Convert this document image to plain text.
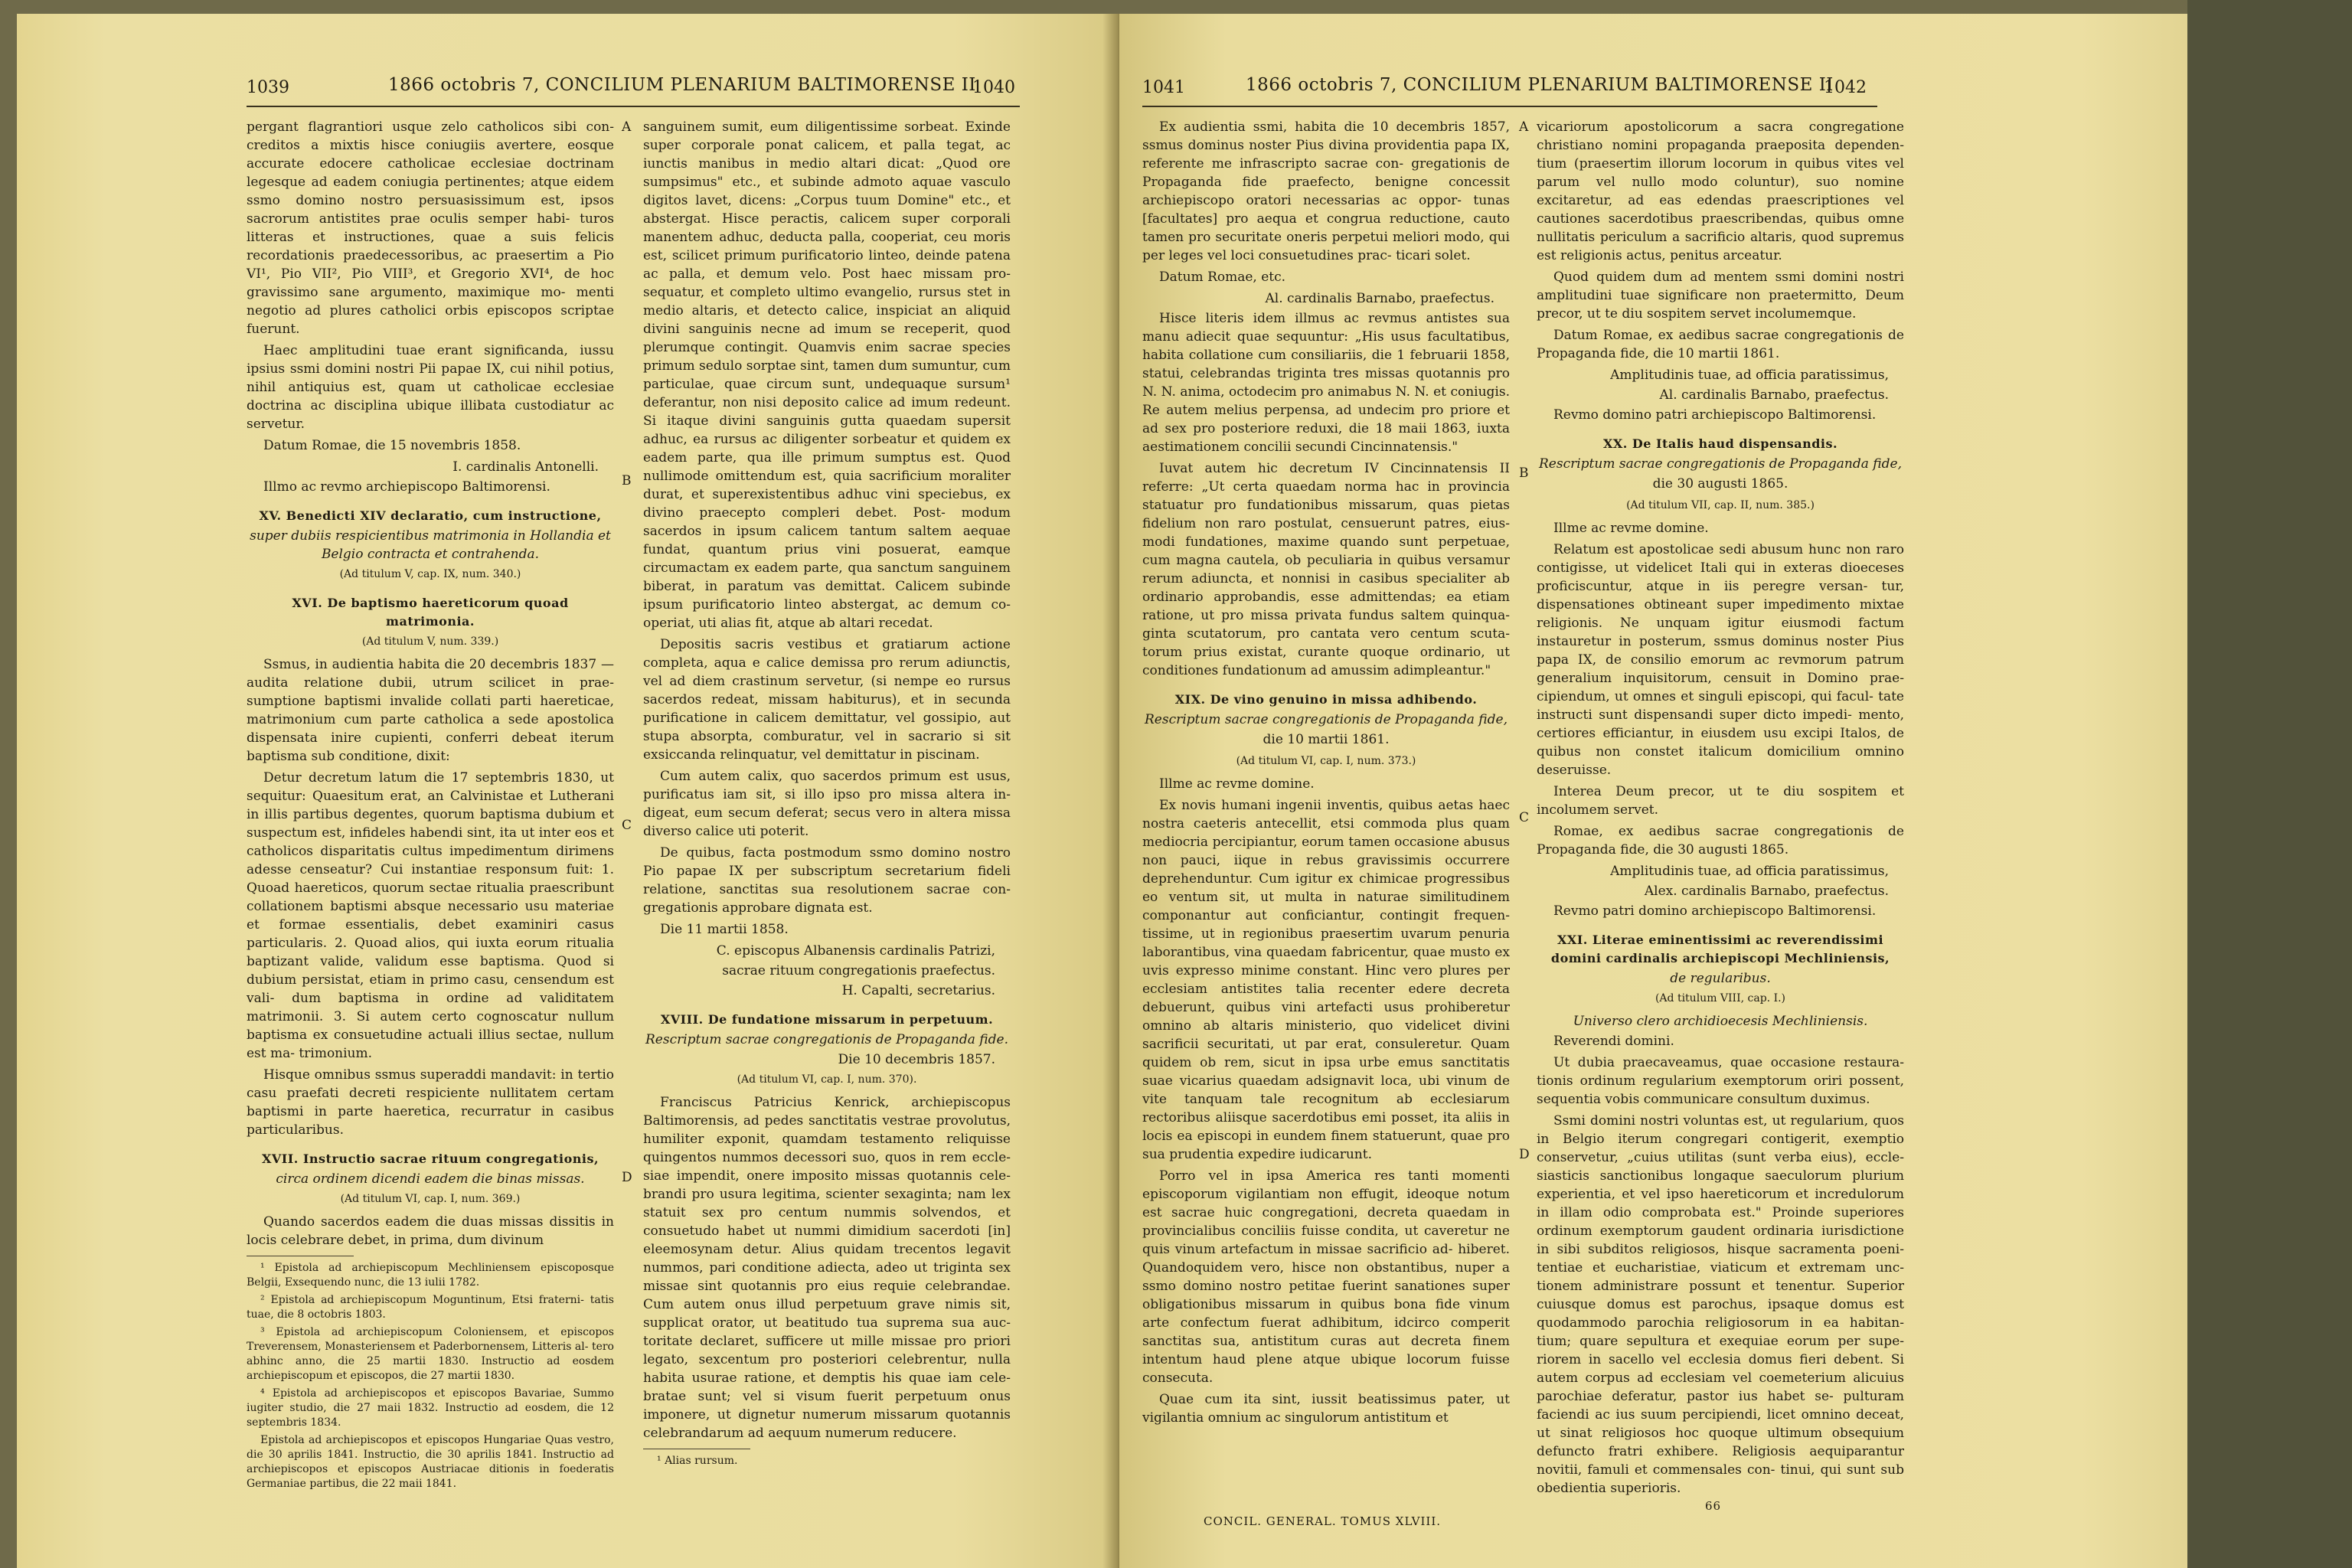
1039	1866 octobris 7, CONCILIUM PLENARIUM BALTIMORENSE II
1040

pergant flagrantiori usque zelo catholicos sibi con- creditos a mixtis hisce coniugiis avertere, eosque accurate edocere catholicae ecclesiae doctrinam legesque ad eadem coniugia pertinentes; atque eidem ssmo domino nostro persuasissimum est, ipsos sacrorum antistites prae oculis semper habi- turos litteras et instructiones, quae a suis felicis recordationis praedecessoribus, ac praesertim a Pio VI¹, Pio VII², Pio VIII³, et Gregorio XVI⁴, de hoc gravissimo sane argumento, maximique mo- menti negotio ad plures catholici orbis episcopos scriptae fuerunt.

Haec amplitudini tuae erant significanda, iussu ipsius ssmi domini nostri Pii papae IX, cui nihil potius, nihil antiquius est, quam ut catholicae ecclesiae doctrina ac disciplina ubique illibata custodiatur ac servetur.

Datum Romae, die 15 novembris 1858.

I. cardinalis Antonelli.

Illmo ac revmo archiepiscopo Baltimorensi.

XV. Benedicti XIV declaratio, cum instructione,

super dubiis respicientibus matrimonia in Hollandia et Belgio contracta et contrahenda.

(Ad titulum V, cap. IX, num. 340.)

XVI. De baptismo haereticorum quoad matrimonia.

(Ad titulum V, num. 339.)

Ssmus, in audientia habita die 20 decembris 1837 — audita relatione dubii, utrum scilicet in prae- sumptione baptismi invalide collati parti haereticae, matrimonium cum parte catholica a sede apostolica dispensata inire cupienti, conferri debeat iterum baptisma sub conditione, dixit:

Detur decretum latum die 17 septembris 1830, ut sequitur: Quaesitum erat, an Calvinistae et Lutherani in illis partibus degentes, quorum baptisma dubium et suspectum est, infideles habendi sint, ita ut inter eos et catholicos disparitatis cultus impedimentum dirimens adesse censeatur? Cui instantiae responsum fuit: 1. Quoad haereticos, quorum sectae ritualia praescribunt collationem baptismi absque necessario usu materiae et formae essentialis, debet examiniri casus particularis. 2. Quoad alios, qui iuxta eorum ritualia baptizant valide, validum esse baptisma. Quod si dubium persistat, etiam in primo casu, censendum est vali- dum baptisma in ordine ad validitatem matrimonii. 3. Si autem certo cognoscatur nullum baptisma ex consuetudine actuali illius sectae, nullum est ma- trimonium.

Hisque omnibus ssmus superaddi mandavit: in tertio casu praefati decreti respiciente nullitatem certam baptismi in parte haeretica, recurratur in casibus particularibus.

XVII. Instructio sacrae rituum congregationis,

circa ordinem dicendi eadem die binas missas.

(Ad titulum VI, cap. I, num. 369.)

Quando sacerdos eadem die duas missas dissitis in locis celebrare debet, in prima, dum divinum

¹ Epistola ad archiepiscopum Mechliniensem episcoposque Belgii, Exsequendo nunc, die 13 iulii 1782.

² Epistola ad archiepiscopum Moguntinum, Etsi fraterni- tatis tuae, die 8 octobris 1803.

³ Epistola ad archiepiscopum Coloniensem, et episcopos Treverensem, Monasteriensem et Paderbornensem, Litteris al- tero abhinc anno, die 25 martii 1830. Instructio ad eosdem archiepiscopum et episcopos, die 27 martii 1830.

⁴ Epistola ad archiepiscopos et episcopos Bavariae, Summo iugiter studio, die 27 maii 1832. Instructio ad eosdem, die 12 septembris 1834.

Epistola ad archiepiscopos et episcopos Hungariae Quas vestro, die 30 aprilis 1841. Instructio, die 30 aprilis 1841. Instructio ad archiepiscopos et episcopos Austriacae ditionis in foederatis Germaniae partibus, die 22 maii 1841.

A
B
C
D

sanguinem sumit, eum diligentissime sorbeat. Exinde super corporale ponat calicem, et palla tegat, ac iunctis manibus in medio altari dicat: „Quod ore sumpsimus" etc., et subinde admoto aquae vasculo digitos lavet, dicens: „Corpus tuum Domine" etc., et abstergat. Hisce peractis, calicem super corporali manentem adhuc, deducta palla, cooperiat, ceu moris est, scilicet primum purificatorio linteo, deinde patena ac palla, et demum velo. Post haec missam pro- sequatur, et completo ultimo evangelio, rursus stet in medio altaris, et detecto calice, inspiciat an aliquid divini sanguinis necne ad imum se receperit, quod plerumque contingit. Quamvis enim sacrae species primum sedulo sorptae sint, tamen dum sumuntur, cum particulae, quae circum sunt, undequaque sursum¹ deferantur, non nisi deposito calice ad imum redeunt. Si itaque divini sanguinis gutta quaedam supersit adhuc, ea rursus ac diligenter sorbeatur et quidem ex eadem parte, qua ille primum sumptus est. Quod nullimode omittendum est, quia sacrificium moraliter durat, et superexistentibus adhuc vini speciebus, ex divino praecepto compleri debet. Post- modum sacerdos in ipsum calicem tantum saltem aequae fundat, quantum prius vini posuerat, eamque circumactam ex eadem parte, qua sanctum sanguinem biberat, in paratum vas demittat. Calicem subinde ipsum purificatorio linteo abstergat, ac demum co- operiat, uti alias fit, atque ab altari recedat.

Depositis sacris vestibus et gratiarum actione completa, aqua e calice demissa pro rerum adiunctis, vel ad diem crastinum servetur, (si nempe eo rursus sacerdos redeat, missam habiturus), et in secunda purificatione in calicem demittatur, vel gossipio, aut stupa absorpta, comburatur, vel in sacrario si sit exsiccanda relinquatur, vel demittatur in piscinam.

Cum autem calix, quo sacerdos primum est usus, purificatus iam sit, si illo ipso pro missa altera in- digeat, eum secum deferat; secus vero in altera missa diverso calice uti poterit.

De quibus, facta postmodum ssmo domino nostro Pio papae IX per subscriptum secretarium fideli relatione, sanctitas sua resolutionem sacrae con- gregationis approbare dignata est.

Die 11 martii 1858.

C. episcopus Albanensis cardinalis Patrizi,

sacrae rituum congregationis praefectus.

H. Capalti, secretarius.

XVIII. De fundatione missarum in perpetuum.

Rescriptum sacrae congregationis de Propaganda fide.

Die 10 decembris 1857.

(Ad titulum VI, cap. I, num. 370).

Franciscus Patricius Kenrick, archiepiscopus Baltimorensis, ad pedes sanctitatis vestrae provolutus, humiliter exponit, quamdam testamento reliquisse quingentos nummos decessori suo, quos in rem eccle- siae impendit, onere imposito missas quotannis cele- brandi pro usura legitima, scienter sexaginta; nam lex statuit sex pro centum nummis solvendos, et consuetudo habet ut nummi dimidium sacerdoti [in] eleemosynam detur. Alius quidam trecentos legavit nummos, pari conditione adiecta, adeo ut triginta sex missae sint quotannis pro eius requie celebrandae. Cum autem onus illud perpetuum grave nimis sit, supplicat orator, ut beatitudo tua suprema sua auc- toritate declaret, sufficere ut mille missae pro priori legato, sexcentum pro posteriori celebrentur, nulla habita usurae ratione, et demptis his quae iam cele- bratae sunt; vel si visum fuerit perpetuum onus imponere, ut dignetur numerum missarum quotannis celebrandarum ad aequum numerum reducere.

¹ Alias rursum.

1041	1866 octobris 7, CONCILIUM PLENARIUM BALTIMORENSE II
1042

Ex audientia ssmi, habita die 10 decembris 1857, ssmus dominus noster Pius divina providentia papa IX, referente me infrascripto sacrae con- gregationis de Propaganda fide praefecto, benigne concessit archiepiscopo oratori necessarias ac oppor- tunas [facultates] pro aequa et congrua reductione, cauto tamen pro securitate oneris perpetui meliori modo, qui per leges vel loci consuetudines prac- ticari solet.

Datum Romae, etc.

Al. cardinalis Barnabo, praefectus.

Hisce literis idem illmus ac revmus antistes sua manu adiecit quae sequuntur: „His usus facultatibus, habita collatione cum consiliariis, die 1 februarii 1858, statui, celebrandas triginta tres missas quotannis pro N. N. anima, octodecim pro animabus N. N. et coniugis. Re autem melius perpensa, ad undecim pro priore et ad sex pro posteriore reduxi, die 18 maii 1863, iuxta aestimationem concilii secundi Cincinnatensis."

Iuvat autem hic decretum IV Cincinnatensis II referre: „Ut certa quaedam norma hac in provincia statuatur pro fundationibus missarum, quas pietas fidelium non raro postulat, censuerunt patres, eius- modi fundationes, maxime quando sunt perpetuae, cum magna cautela, ob peculiaria in quibus versamur rerum adiuncta, et nonnisi in casibus specialiter ab ordinario approbandis, esse admittendas; ea etiam ratione, ut pro missa privata fundus saltem quinqua- ginta scutatorum, pro cantata vero centum scuta- torum prius existat, curante quoque ordinario, ut conditiones fundationum ad amussim adimpleantur."

XIX. De vino genuino in missa adhibendo.

Rescriptum sacrae congregationis de Propaganda fide,

die 10 martii 1861.

(Ad titulum VI, cap. I, num. 373.)

Illme ac revme domine.

Ex novis humani ingenii inventis, quibus aetas haec nostra caeteris antecellit, etsi commoda plus quam mediocria percipiantur, eorum tamen occasione abusus non pauci, iique in rebus gravissimis occurrere deprehenduntur. Cum igitur ex chimicae progressibus eo ventum sit, ut multa in naturae similitudinem componantur aut conficiantur, contingit frequen- tissime, ut in regionibus praesertim uvarum penuria laborantibus, vina quaedam fabricentur, quae musto ex uvis expresso minime constant. Hinc vero plures per ecclesiam antistites talia recenter edere decreta debuerunt, quibus vini artefacti usus prohiberetur omnino ab altaris ministerio, quo videlicet divini sacrificii securitati, ut par erat, consuleretur. Quam quidem ob rem, sicut in ipsa urbe emus sanctitatis suae vicarius quaedam adsignavit loca, ubi vinum de vite tanquam tale recognitum ab ecclesiarum rectoribus aliisque sacerdotibus emi posset, ita aliis in locis ea episcopi in eundem finem statuerunt, quae pro sua prudentia expedire iudicarunt.

Porro vel in ipsa America res tanti momenti episcoporum vigilantiam non effugit, ideoque notum est sacrae huic congregationi, decreta quaedam in provincialibus conciliis fuisse condita, ut caveretur ne quis vinum artefactum in missae sacrificio ad- hiberet. Quandoquidem vero, hisce non obstantibus, nuper a ssmo domino nostro petitae fuerint sanationes super obligationibus missarum in quibus bona fide vinum arte confectum fuerat adhibitum, idcirco comperit sanctitas sua, antistitum curas aut decreta finem intentum haud plene atque ubique locorum fuisse consecuta.

Quae cum ita sint, iussit beatissimus pater, ut vigilantia omnium ac singulorum antistitum et

CONCIL. GENERAL. TOMUS XLVIII.
A
B
C
D

vicariorum apostolicorum a sacra congregatione christiano nomini propaganda praeposita dependen- tium (praesertim illorum locorum in quibus vites vel parum vel nullo modo coluntur), suo nomine excitaretur, ad eas edendas praescriptiones vel cautiones sacerdotibus praescribendas, quibus omne nullitatis periculum a sacrificio altaris, quod supremus est religionis actus, penitus arceatur.

Quod quidem dum ad mentem ssmi domini nostri amplitudini tuae significare non praetermitto, Deum precor, ut te diu sospitem servet incolumemque.

Datum Romae, ex aedibus sacrae congregationis de Propaganda fide, die 10 martii 1861.

Amplitudinis tuae, ad officia paratissimus,

Al. cardinalis Barnabo, praefectus.

Revmo domino patri archiepiscopo Baltimorensi.

XX. De Italis haud dispensandis.

Rescriptum sacrae congregationis de Propaganda fide,

die 30 augusti 1865.

(Ad titulum VII, cap. II, num. 385.)

Illme ac revme domine.

Relatum est apostolicae sedi abusum hunc non raro contigisse, ut videlicet Itali qui in exteras dioeceses proficiscuntur, atque in iis peregre versan- tur, dispensationes obtineant super impedimento mixtae religionis. Ne unquam igitur eiusmodi factum instauretur in posterum, ssmus dominus noster Pius papa IX, de consilio emorum ac revmorum patrum generalium inquisitorum, censuit in Domino prae- cipiendum, ut omnes et singuli episcopi, qui facul- tate instructi sunt dispensandi super dicto impedi- mento, certiores efficiantur, in eiusdem usu excipi Italos, de quibus non constet italicum domicilium omnino deseruisse.

Interea Deum precor, ut te diu sospitem et incolumem servet.

Romae, ex aedibus sacrae congregationis de Propaganda fide, die 30 augusti 1865.

Amplitudinis tuae, ad officia paratissimus,

Alex. cardinalis Barnabo, praefectus.

Revmo patri domino archiepiscopo Baltimorensi.

XXI. Literae eminentissimi ac reverendissimi domini cardinalis archiepiscopi Mechliniensis,

de regularibus.

(Ad titulum VIII, cap. I.)

Universo clero archidioecesis Mechliniensis.

Reverendi domini.

Ut dubia praecaveamus, quae occasione restaura- tionis ordinum regularium exemptorum oriri possent, sequentia vobis communicare consultum duximus.

Ssmi domini nostri voluntas est, ut regularium, quos in Belgio iterum congregari contigerit, exemptio conservetur, „cuius utilitas (sunt verba eius), eccle- siasticis sanctionibus longaque saeculorum plurium experientia, et vel ipso haereticorum et incredulorum in illam odio comprobata est." Proinde superiores ordinum exemptorum gaudent ordinaria iurisdictione in sibi subditos religiosos, hisque sacramenta poeni- tentiae et eucharistiae, viaticum et extremam unc- tionem administrare possunt et tenentur. Superior cuiusque domus est parochus, ipsaque domus est quodammodo parochia religiosorum in ea habitan- tium; quare sepultura et exequiae eorum per supe- riorem in sacello vel ecclesia domus fieri debent. Si autem corpus ad ecclesiam vel coemeterium alicuius parochiae deferatur, pastor ius habet se- pulturam faciendi ac ius suum percipiendi, licet omnino deceat, ut sinat religiosos hoc quoque ultimum obsequium defuncto fratri exhibere. Religiosis aequiparantur novitii, famuli et commensales con- tinui, qui sunt sub obedientia superioris.

66
